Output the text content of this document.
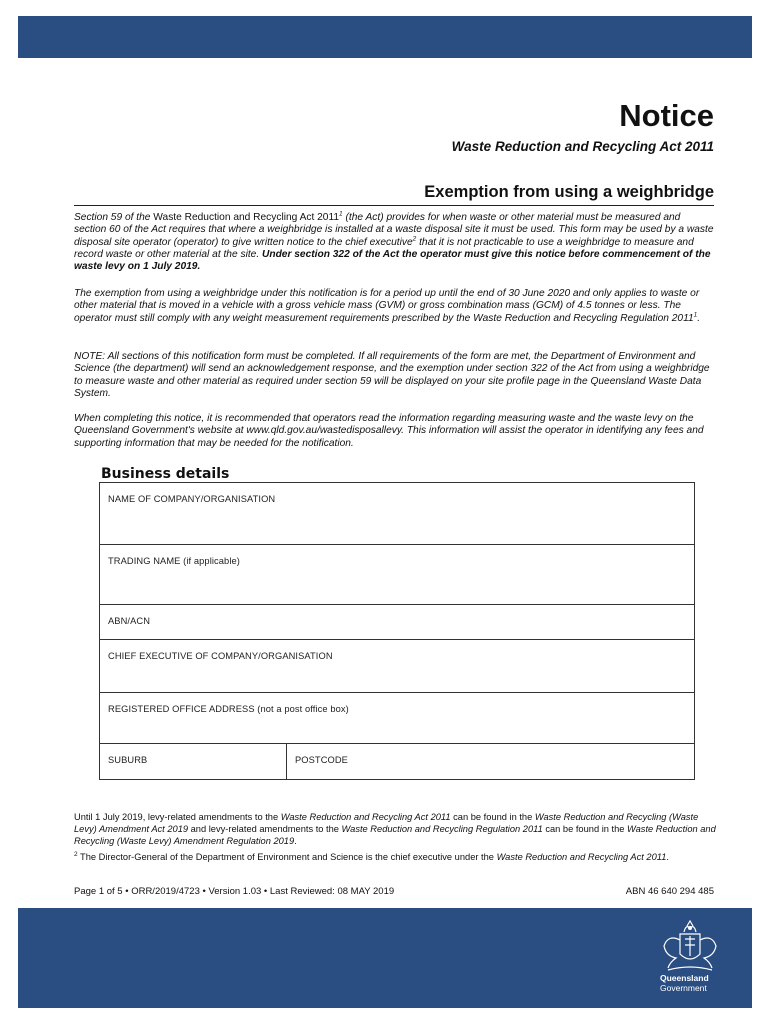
Notice

Waste Reduction and Recycling Act 2011

Exemption from using a weighbridge

Section 59 of the Waste Reduction and Recycling Act 2011$^1$ (the Act) provides for when waste or other material must be measured and section 60 of the Act requires that where a weighbridge is installed at a waste disposal site it must be used. This form may be used by a waste disposal site operator (operator) to give written notice to the chief executive$^2$ that it is not practicable to use a weighbridge to measure and record waste or other material at the site. Under section 322 of the Act the operator must give this notice before commencement of the waste levy on 1 July 2019.

The exemption from using a weighbridge under this notification is for a period up until the end of 30 June 2020 and only applies to waste or other material that is moved in a vehicle with a gross vehicle mass (GVM) or gross combination mass (GCM) of 4.5 tonnes or less. The operator must still comply with any weight measurement requirements prescribed by the Waste Reduction and Recycling Regulation 2011$^1$.

NOTE: All sections of this notification form must be completed. If all requirements of the form are met, the Department of Environment and Science (the department) will send an acknowledgement response, and the exemption under section 322 of the Act from using a weighbridge to measure waste and other material as required under section 59 will be displayed on your site profile page in the Queensland Waste Data System.

When completing this notice, it is recommended that operators read the information regarding measuring waste and the waste levy on the Queensland Government's website at www.qld.gov.au/wastedisposallevy. This information will assist the operator in identifying any fees and supporting information that may be needed for the notification.

Business details
NAME OF COMPANY/ORGANISATION
TRADING NAME (if applicable)
ABN/ACN
CHIEF EXECUTIVE OF COMPANY/ORGANISATION
REGISTERED OFFICE ADDRESS (not a post office box)
SUBURB	POSTCODE

Until 1 July 2019, levy-related amendments to the Waste Reduction and Recycling Act 2011 can be found in the Waste Reduction and Recycling (Waste Levy) Amendment Act 2019 and levy-related amendments to the Waste Reduction and Recycling Regulation 2011 can be found in the Waste Reduction and Recycling (Waste Levy) Amendment Regulation 2019.

$^2$ The Director-General of the Department of Environment and Science is the chief executive under the Waste Reduction and Recycling Act 2011.

Page 1 of 5 • ORR/2019/4723 • Version 1.03 • Last Reviewed: 08 MAY 2019	ABN 46 640 294 485

Queensland
Government
